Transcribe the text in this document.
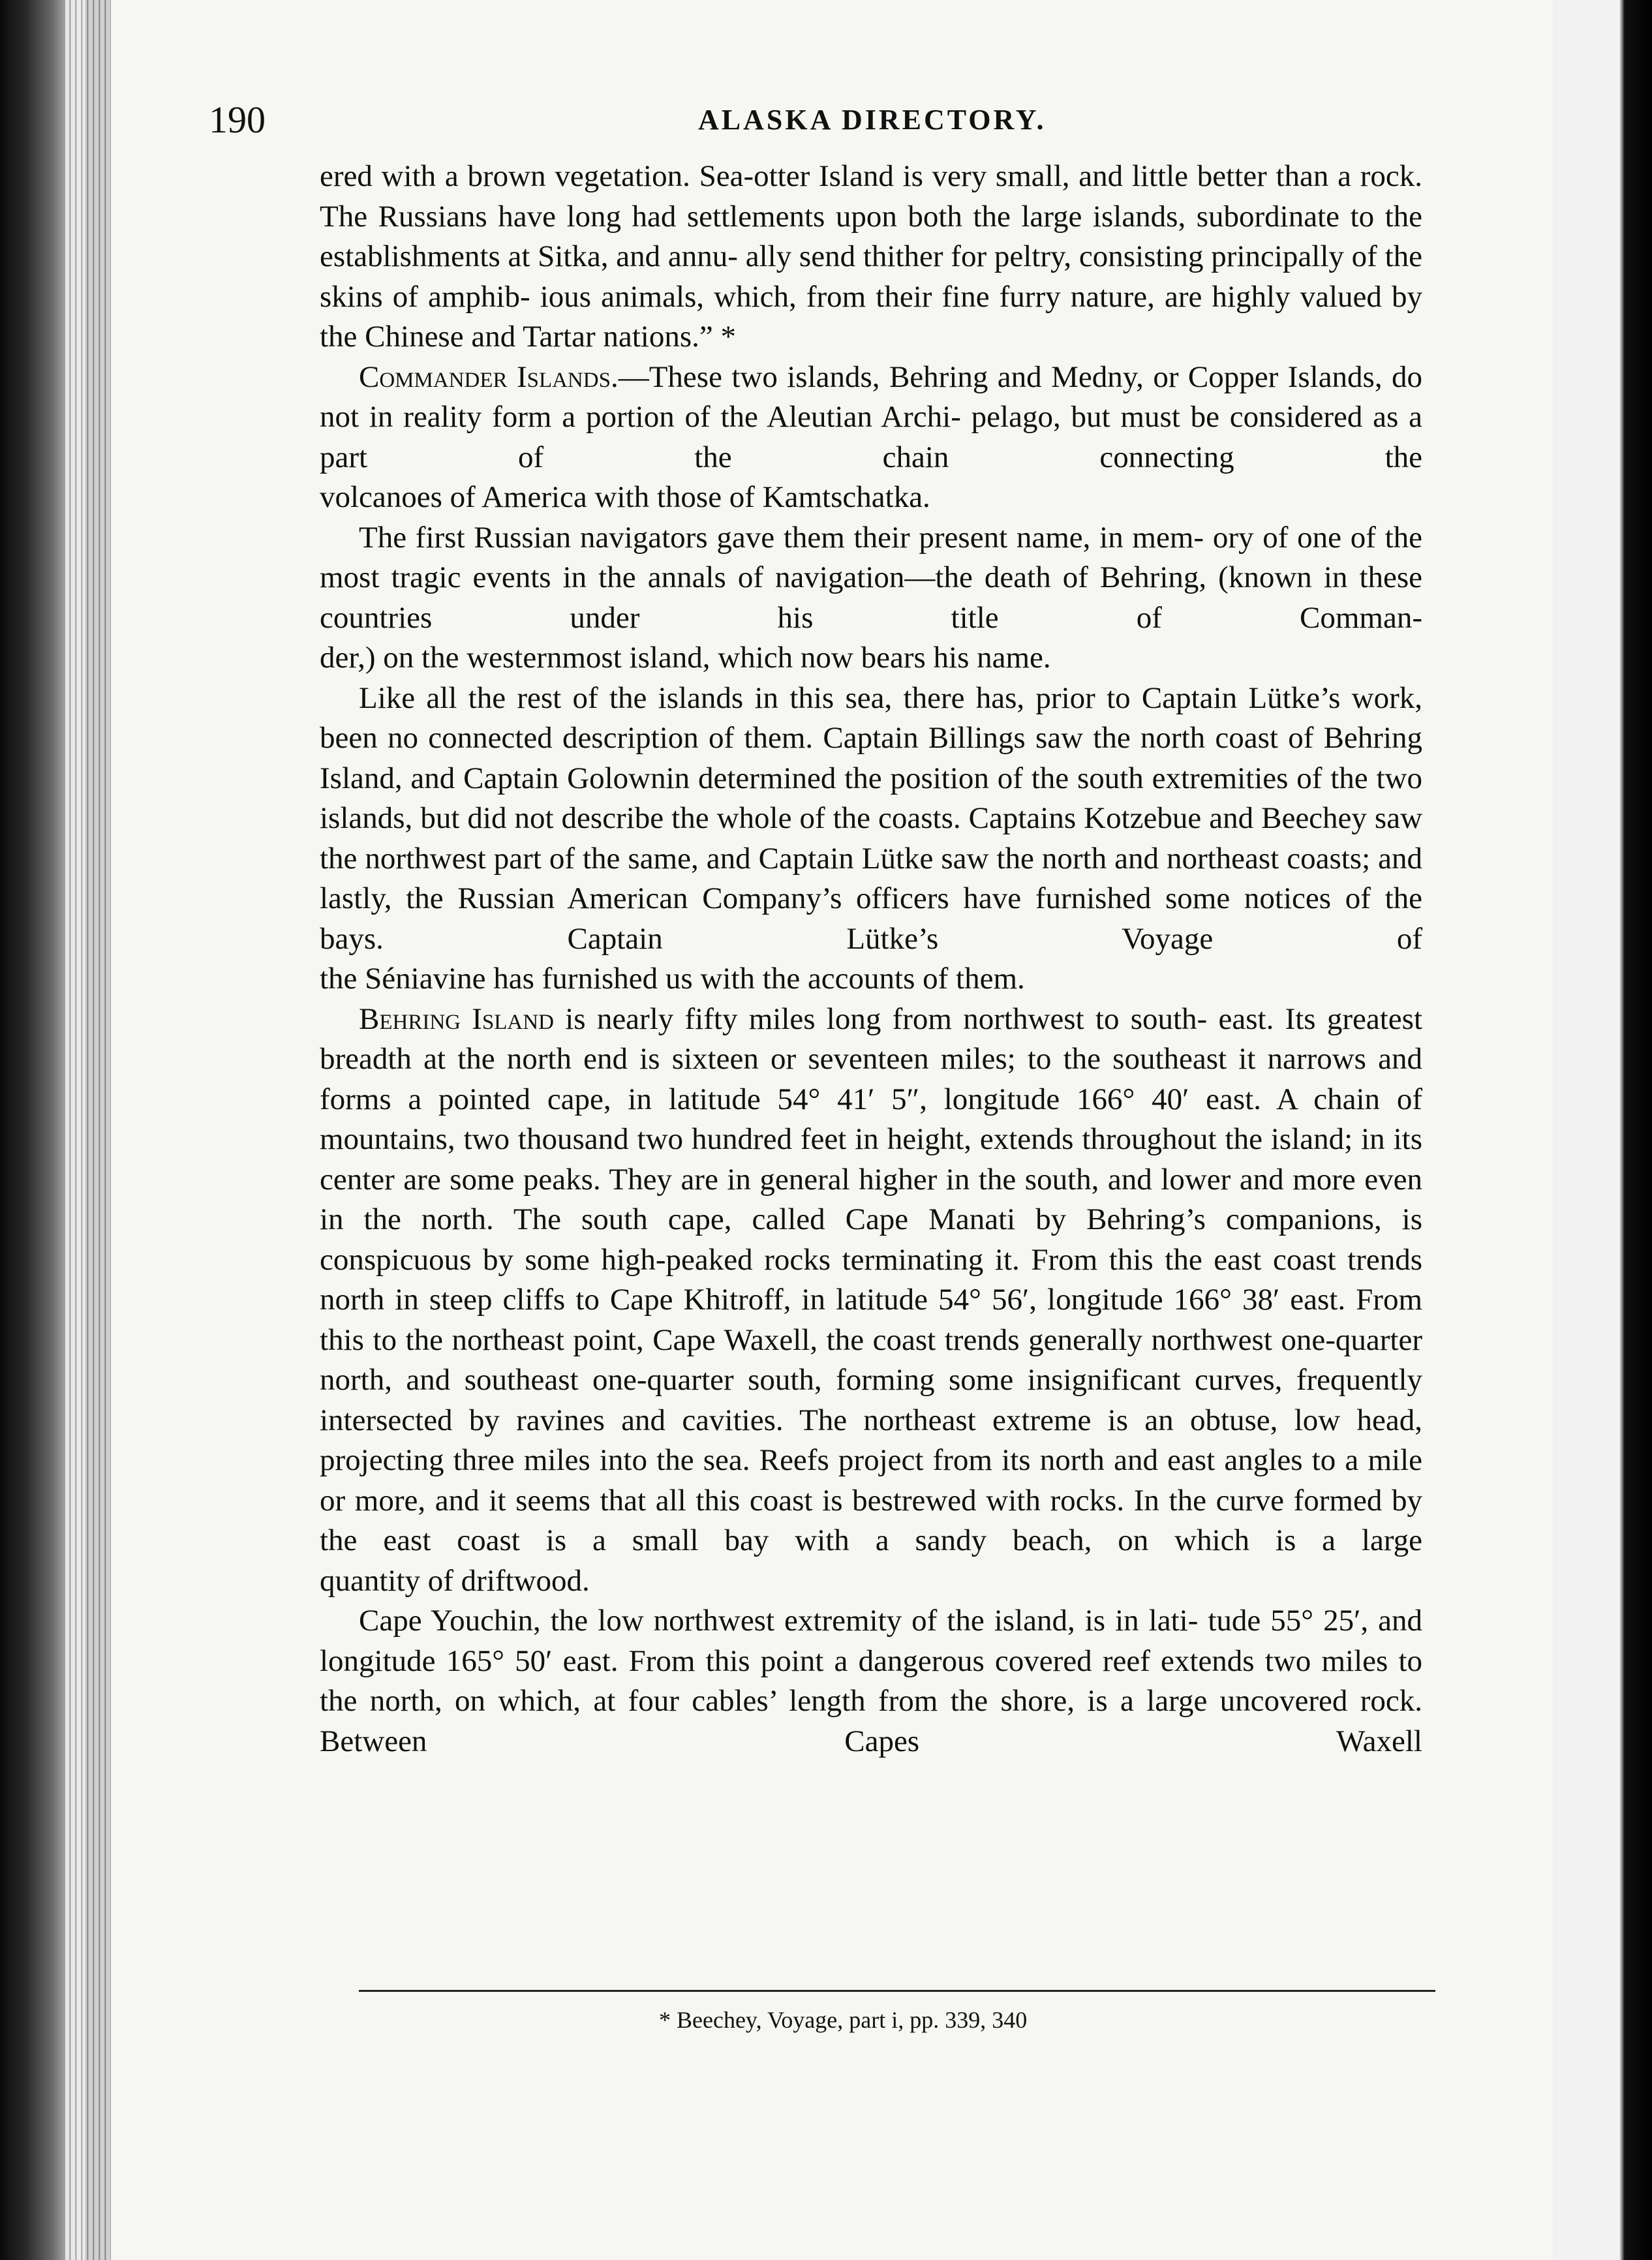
190	ALASKA DIRECTORY.

ered with a brown vegetation. Sea-otter Island is very small, and little better than a rock. The Russians have long had settlements upon both the large islands, subordinate to the establishments at Sitka, and annu- ally send thither for peltry, consisting principally of the skins of amphib- ious animals, which, from their fine furry nature, are highly valued by

the Chinese and Tartar nations.” *

Commander Islands.—These two islands, Behring and Medny, or Copper Islands, do not in reality form a portion of the Aleutian Archi- pelago, but must be considered as a part of the chain connecting the

volcanoes of America with those of Kamtschatka.

The first Russian navigators gave them their present name, in mem- ory of one of the most tragic events in the annals of navigation—the death of Behring, (known in these countries under his title of Comman-

der,) on the westernmost island, which now bears his name.

Like all the rest of the islands in this sea, there has, prior to Captain Lütke’s work, been no connected description of them. Captain Billings saw the north coast of Behring Island, and Captain Golownin determined the position of the south extremities of the two islands, but did not describe the whole of the coasts. Captains Kotzebue and Beechey saw the northwest part of the same, and Captain Lütke saw the north and northeast coasts; and lastly, the Russian American Company’s officers have furnished some notices of the bays. Captain Lütke’s Voyage of

the Séniavine has furnished us with the accounts of them.

Behring Island is nearly fifty miles long from northwest to south- east. Its greatest breadth at the north end is sixteen or seventeen miles; to the southeast it narrows and forms a pointed cape, in latitude 54° 41′ 5″, longitude 166° 40′ east. A chain of mountains, two thousand two hundred feet in height, extends throughout the island; in its center are some peaks. They are in general higher in the south, and lower and more even in the north. The south cape, called Cape Manati by Behring’s companions, is conspicuous by some high-peaked rocks terminating it. From this the east coast trends north in steep cliffs to Cape Khitroff, in latitude 54° 56′, longitude 166° 38′ east. From this to the northeast point, Cape Waxell, the coast trends generally northwest one-quarter north, and southeast one-quarter south, forming some insignificant curves, frequently intersected by ravines and cavities. The northeast extreme is an obtuse, low head, projecting three miles into the sea. Reefs project from its north and east angles to a mile or more, and it seems that all this coast is bestrewed with rocks. In the curve formed by the east coast is a small bay with a sandy beach, on which is a large

quantity of driftwood.

Cape Youchin, the low northwest extremity of the island, is in lati- tude 55° 25′, and longitude 165° 50′ east. From this point a dangerous covered reef extends two miles to the north, on which, at four cables’ length from the shore, is a large uncovered rock. Between Capes Waxell

* Beechey, Voyage, part i, pp. 339, 340
